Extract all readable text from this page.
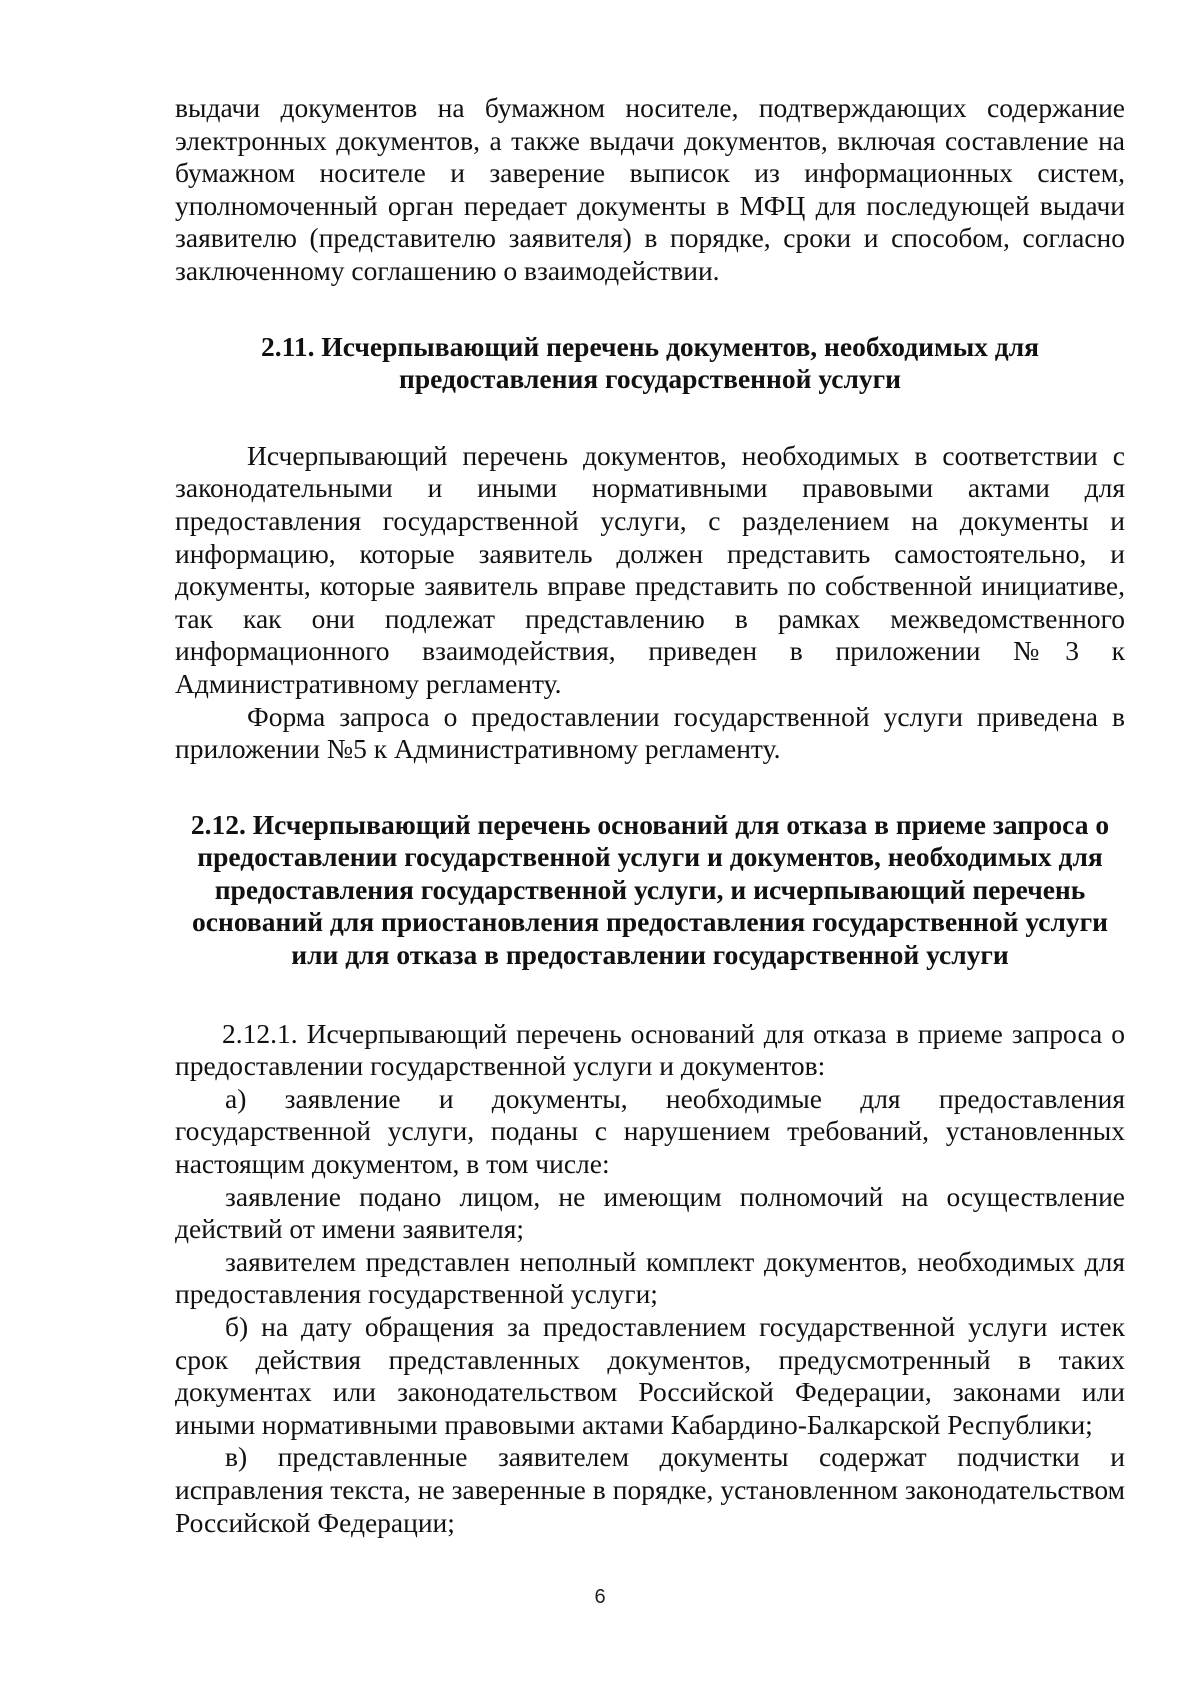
выдачи документов на бумажном носителе, подтверждающих содержание электронных документов, а также выдачи документов, включая составление на бумажном носителе и заверение выписок из информационных систем, уполномоченный орган передает документы в МФЦ для последующей выдачи заявителю (представителю заявителя) в порядке, сроки и способом, согласно заключенному соглашению о взаимодействии.

2.11. Исчерпывающий перечень документов, необходимых для предоставления государственной услуги

Исчерпывающий перечень документов, необходимых в соответствии с законодательными и иными нормативными правовыми актами для предоставления государственной услуги, с разделением на документы и информацию, которые заявитель должен представить самостоятельно, и документы, которые заявитель вправе представить по собственной инициативе, так как они подлежат представлению в рамках межведомственного информационного взаимодействия, приведен в приложении №3 к Административному регламенту.

Форма запроса о предоставлении государственной услуги приведена в приложении №5 к Административному регламенту.

2.12. Исчерпывающий перечень оснований для отказа в приеме запроса о предоставлении государственной услуги и документов, необходимых для предоставления государственной услуги, и исчерпывающий перечень оснований для приостановления предоставления государственной услуги или для отказа в предоставлении государственной услуги

2.12.1. Исчерпывающий перечень оснований для отказа в приеме запроса о предоставлении государственной услуги и документов:

а) заявление и документы, необходимые для предоставления государственной услуги, поданы с нарушением требований, установленных настоящим документом, в том числе:

заявление подано лицом, не имеющим полномочий на осуществление действий от имени заявителя;

заявителем представлен неполный комплект документов, необходимых для предоставления государственной услуги;

б) на дату обращения за предоставлением государственной услуги истек срок действия представленных документов, предусмотренный в таких документах или законодательством Российской Федерации, законами или иными нормативными правовыми актами Кабардино-Балкарской Республики;

в) представленные заявителем документы содержат подчистки и исправления текста, не заверенные в порядке, установленном законодательством Российской Федерации;

6
